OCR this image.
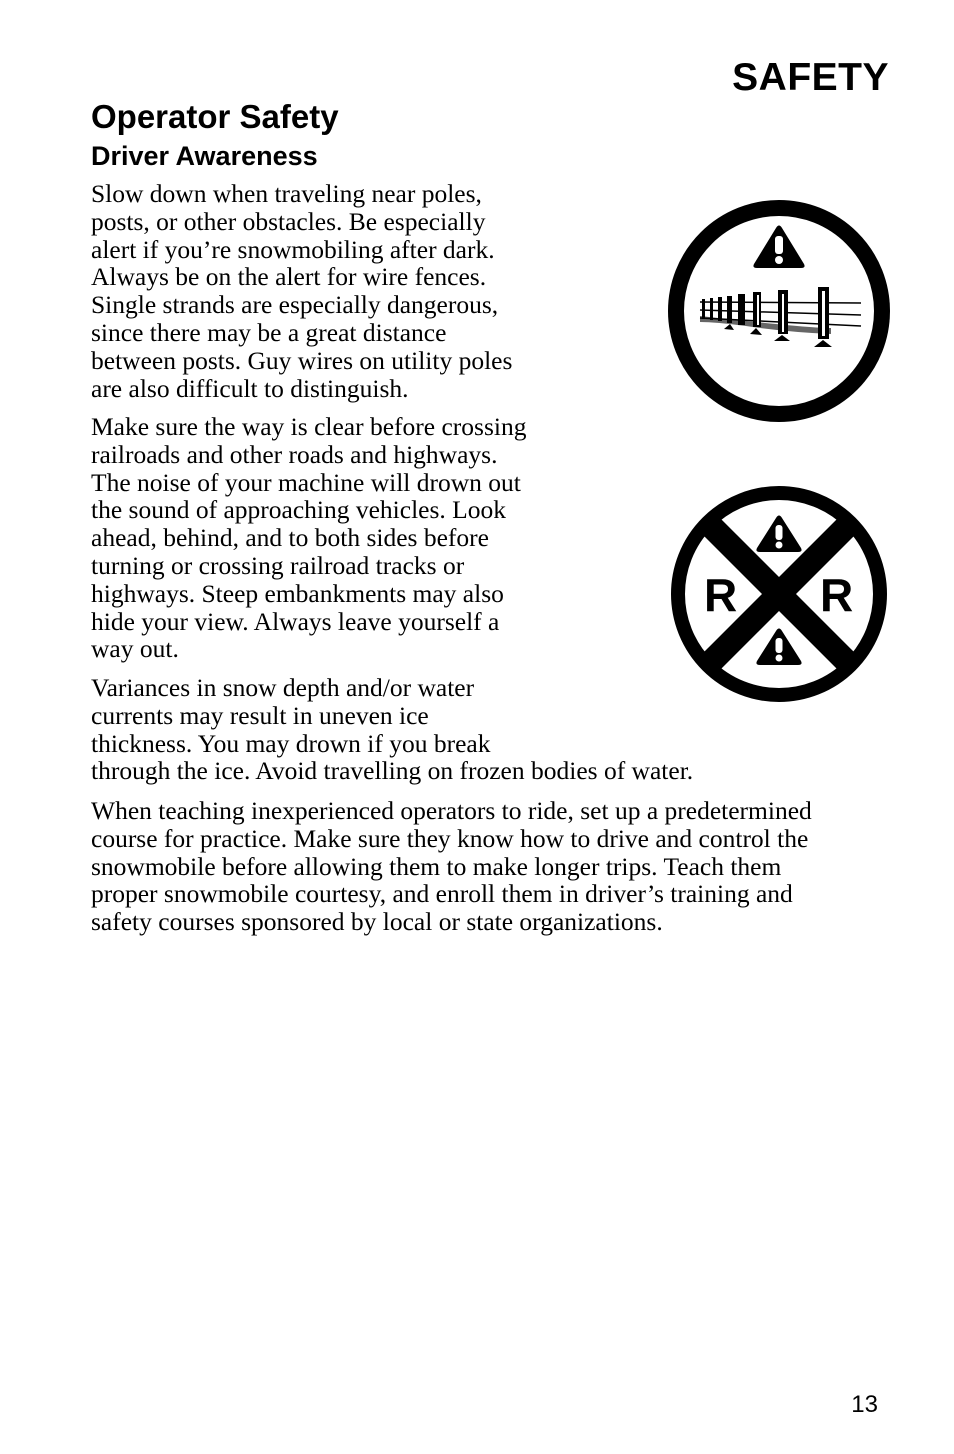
SAFETY
Operator Safety
Driver Awareness

Slow down when traveling near poles,
posts, or other obstacles. Be especially
alert if you’re snowmobiling after dark.
Always be on the alert for wire fences.
Single strands are especially dangerous,
since there may be a great distance
between posts. Guy wires on utility poles
are also difficult to distinguish.

Make sure the way is clear before crossing
railroads and other roads and highways.
The noise of your machine will drown out
the sound of approaching vehicles. Look
ahead, behind, and to both sides before
turning or crossing railroad tracks or
highways. Steep embankments may also
hide your view. Always leave yourself a
way out.

Variances in snow depth and/or water
currents may result in uneven ice
thickness. You may drown if you break
through the ice. Avoid travelling on frozen bodies of water.

When teaching inexperienced operators to ride, set up a predetermined
course for practice. Make sure they know how to drive and control the
snowmobile before allowing them to make longer trips. Teach them
proper snowmobile courtesy, and enroll them in driver’s training and
safety courses sponsored by local or state organizations.

R R

13
